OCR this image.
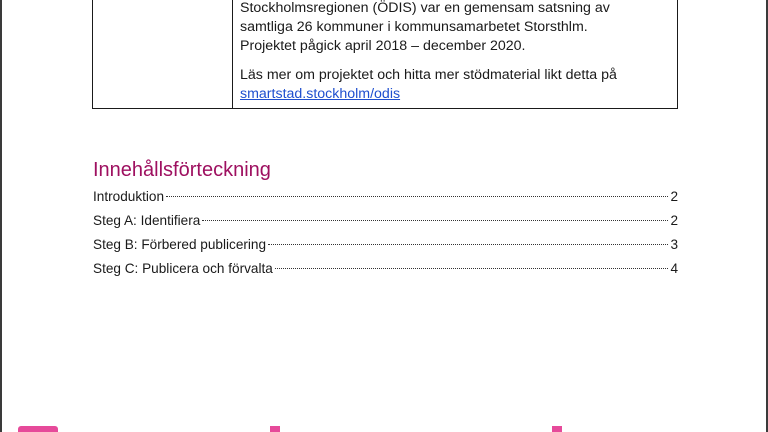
Stockholmsregionen (ÖDIS) var en gemensam satsning av
samtliga 26 kommuner i kommunsamarbetet Storsthlm.
Projektet pågick april 2018 – december 2020.

Läs mer om projektet och hitta mer stödmaterial likt detta på
smartstad.stockholm/odis

Innehållsförteckning
Introduktion	2
Steg A: Identifiera	2
Steg B: Förbered publicering	3
Steg C: Publicera och förvalta	4
